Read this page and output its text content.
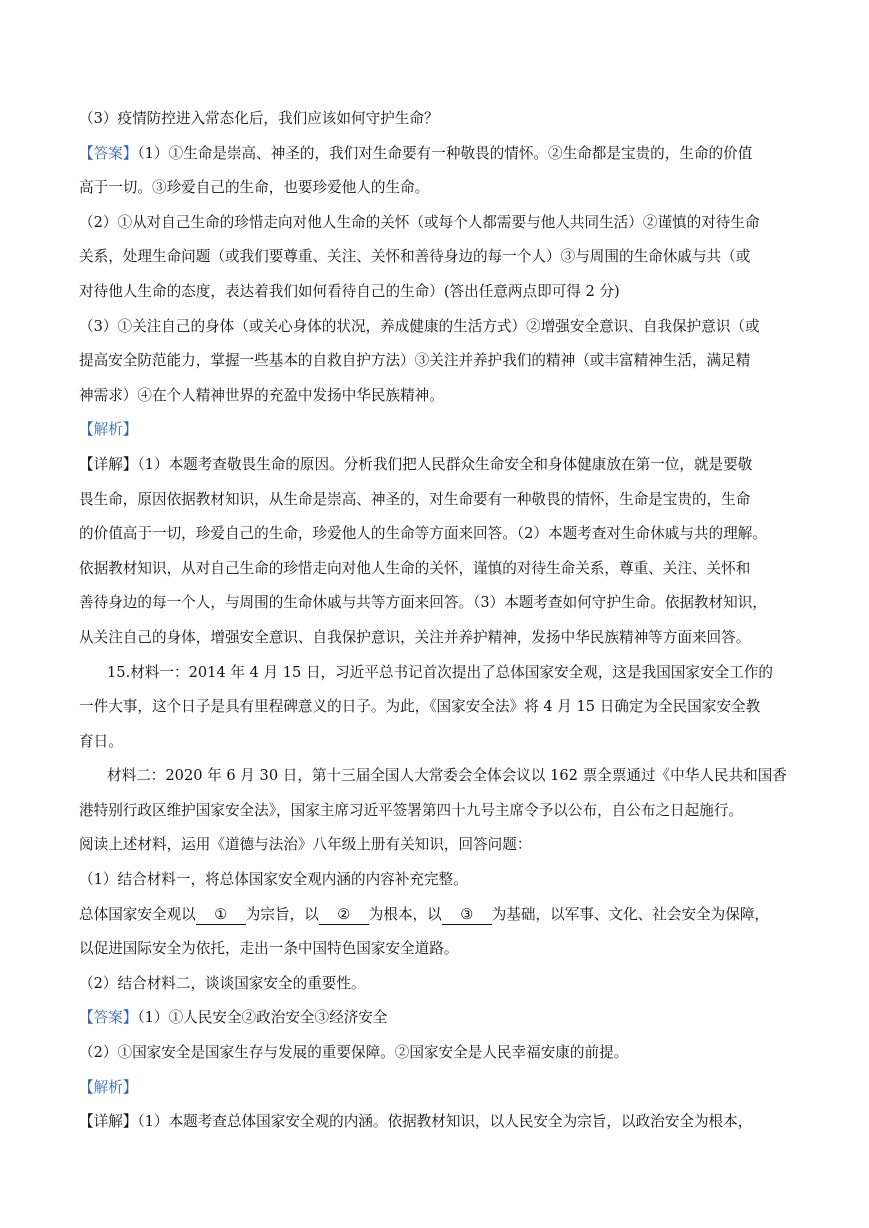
（3）疫情防控进入常态化后，我们应该如何守护生命？
【答案】（1）①生命是崇高、神圣的，我们对生命要有一种敬畏的情怀。②生命都是宝贵的，生命的价值
高于一切。③珍爱自己的生命，也要珍爱他人的生命。
（2）①从对自己生命的珍惜走向对他人生命的关怀（或每个人都需要与他人共同生活）②谨慎的对待生命
关系，处理生命问题（或我们要尊重、关注、关怀和善待身边的每一个人）③与周围的生命休戚与共（或
对待他人生命的态度，表达着我们如何看待自己的生命）(答出任意两点即可得 2 分)
（3）①关注自己的身体（或关心身体的状况，养成健康的生活方式）②增强安全意识、自我保护意识（或
提高安全防范能力，掌握一些基本的自救自护方法）③关注并养护我们的精神（或丰富精神生活，满足精
神需求）④在个人精神世界的充盈中发扬中华民族精神。
【解析】
【详解】（1）本题考查敬畏生命的原因。分析我们把人民群众生命安全和身体健康放在第一位，就是要敬
畏生命，原因依据教材知识，从生命是崇高、神圣的，对生命要有一种敬畏的情怀，生命是宝贵的，生命
的价值高于一切，珍爱自己的生命，珍爱他人的生命等方面来回答。（2）本题考查对生命休戚与共的理解。
依据教材知识，从对自己生命的珍惜走向对他人生命的关怀，谨慎的对待生命关系，尊重、关注、关怀和
善待身边的每一个人，与周围的生命休戚与共等方面来回答。（3）本题考查如何守护生命。依据教材知识，
从关注自己的身体，增强安全意识、自我保护意识，关注并养护精神，发扬中华民族精神等方面来回答。
15.材料一：2014 年 4 月 15 日，习近平总书记首次提出了总体国家安全观，这是我国国家安全工作的
一件大事，这个日子是具有里程碑意义的日子。为此，《国家安全法》将 4 月 15 日确定为全民国家安全教
育日。
材料二：2020 年 6 月 30 日，第十三届全国人大常委会全体会议以 162 票全票通过《中华人民共和国香
港特别行政区维护国家安全法》，国家主席习近平签署第四十九号主席令予以公布，自公布之日起施行。
阅读上述材料，运用《道德与法治》八年级上册有关知识，回答问题：
（1）结合材料一，将总体国家安全观内涵的内容补充完整。
总体国家安全观以 ① 为宗旨，以 ② 为根本，以 ③ 为基础，以军事、文化、社会安全为保障，
以促进国际安全为依托，走出一条中国特色国家安全道路。
（2）结合材料二，谈谈国家安全的重要性。
【答案】（1）①人民安全②政治安全③经济安全
（2）①国家安全是国家生存与发展的重要保障。②国家安全是人民幸福安康的前提。
【解析】
【详解】（1）本题考查总体国家安全观的内涵。依据教材知识，以人民安全为宗旨，以政治安全为根本，
